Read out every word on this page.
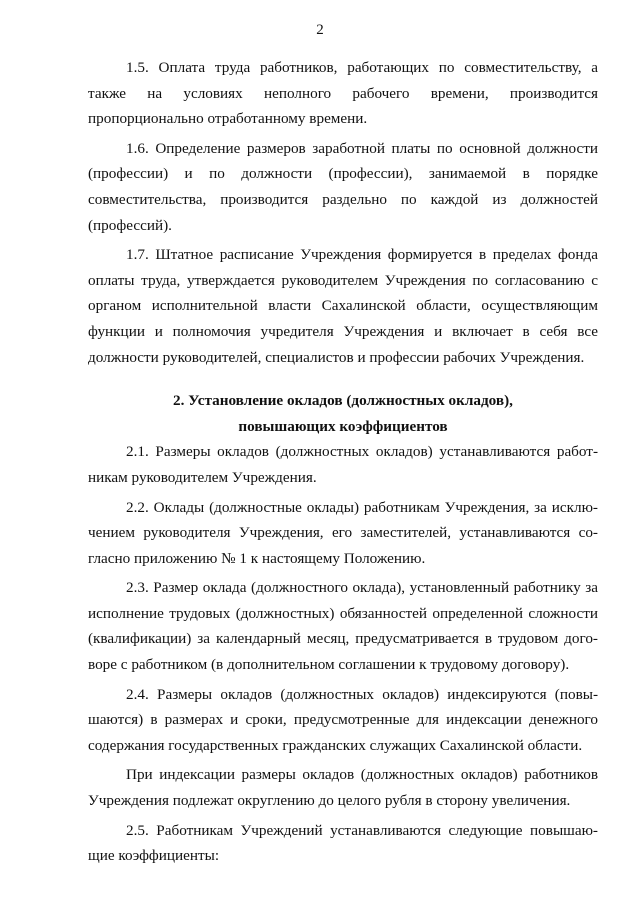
2

1.5. Оплата труда работников, работающих по совместительству, а
также на условиях неполного рабочего времени, производится
пропорционально отработанному времени.

1.6. Определение размеров заработной платы по основной должности
(профессии) и по должности (профессии), занимаемой в порядке
совместительства, производится раздельно по каждой из должностей
(профессий).

1.7. Штатное расписание Учреждения формируется в пределах фонда
оплаты труда, утверждается руководителем Учреждения по согласованию с
органом исполнительной власти Сахалинской области, осуществляющим
функции и полномочия учредителя Учреждения и включает в себя все
должности руководителей, специалистов и профессии рабочих Учреждения.

2. Установление окладов (должностных окладов),
повышающих коэффициентов

2.1. Размеры окладов (должностных окладов) устанавливаются работ-
никам руководителем Учреждения.

2.2. Оклады (должностные оклады) работникам Учреждения, за исклю-
чением руководителя Учреждения, его заместителей, устанавливаются со-
гласно приложению № 1 к настоящему Положению.

2.3. Размер оклада (должностного оклада), установленный работнику за
исполнение трудовых (должностных) обязанностей определенной сложности
(квалификации) за календарный месяц, предусматривается в трудовом дого-
воре с работником (в дополнительном соглашении к трудовому договору).

2.4. Размеры окладов (должностных окладов) индексируются (повы-
шаются) в размерах и сроки, предусмотренные для индексации денежного
содержания государственных гражданских служащих Сахалинской области.

При индексации размеры окладов (должностных окладов) работников
Учреждения подлежат округлению до целого рубля в сторону увеличения.

2.5. Работникам Учреждений устанавливаются следующие повышаю-
щие коэффициенты:
